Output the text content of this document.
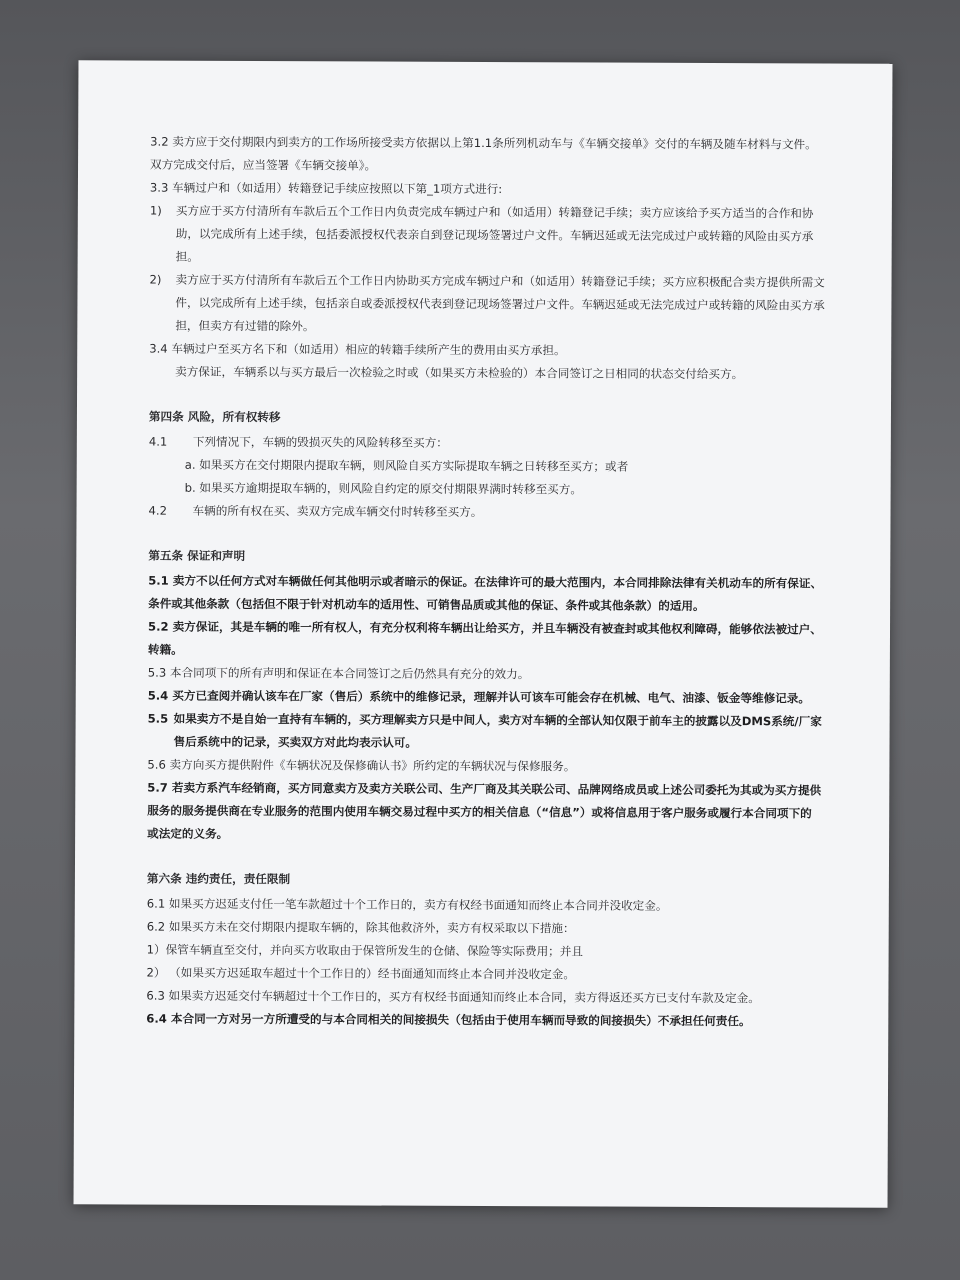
3.2 卖方应于交付期限内到卖方的工作场所接受卖方依据以上第1.1条所列机动车与《车辆交接单》交付的车辆及随车材料与文件。双方完成交付后，应当签署《车辆交接单》。

3.3 车辆过户和（如适用）转籍登记手续应按照以下第_1项方式进行:

1)	买方应于买方付清所有车款后五个工作日内负责完成车辆过户和（如适用）转籍登记手续；卖方应该给予买方适当的合作和协助，以完成所有上述手续，包括委派授权代表亲自到登记现场签署过户文件。车辆迟延或无法完成过户或转籍的风险由买方承担。
2)	卖方应于买方付清所有车款后五个工作日内协助买方完成车辆过户和（如适用）转籍登记手续；买方应积极配合卖方提供所需文件，以完成所有上述手续，包括亲自或委派授权代表到登记现场签署过户文件。车辆迟延或无法完成过户或转籍的风险由买方承担，但卖方有过错的除外。

3.4 车辆过户至买方名下和（如适用）相应的转籍手续所产生的费用由买方承担。

卖方保证，车辆系以与买方最后一次检验之时或（如果买方未检验的）本合同签订之日相同的状态交付给买方。

第四条 风险，所有权转移

4.1	下列情况下，车辆的毁损灭失的风险转移至买方：

a. 如果买方在交付期限内提取车辆，则风险自买方实际提取车辆之日转移至买方；或者

b. 如果买方逾期提取车辆的，则风险自约定的原交付期限界满时转移至买方。

4.2	车辆的所有权在买、卖双方完成车辆交付时转移至买方。

第五条 保证和声明

5.1 卖方不以任何方式对车辆做任何其他明示或者暗示的保证。在法律许可的最大范围内，本合同排除法律有关机动车的所有保证、条件或其他条款（包括但不限于针对机动车的适用性、可销售品质或其他的保证、条件或其他条款）的适用。

5.2 卖方保证，其是车辆的唯一所有权人，有充分权利将车辆出让给买方，并且车辆没有被查封或其他权利障碍，能够依法被过户、转籍。

5.3 本合同项下的所有声明和保证在本合同签订之后仍然具有充分的效力。

5.4 买方已查阅并确认该车在厂家（售后）系统中的维修记录，理解并认可该车可能会存在机械、电气、油漆、钣金等维修记录。

5.5 如果卖方不是自始一直持有车辆的，买方理解卖方只是中间人，卖方对车辆的全部认知仅限于前车主的披露以及DMS系统/厂家售后系统中的记录，买卖双方对此均表示认可。

5.6 卖方向买方提供附件《车辆状况及保修确认书》所约定的车辆状况与保修服务。

5.7 若卖方系汽车经销商，买方同意卖方及卖方关联公司、生产厂商及其关联公司、品牌网络成员或上述公司委托为其或为买方提供服务的服务提供商在专业服务的范围内使用车辆交易过程中买方的相关信息（“信息”）或将信息用于客户服务或履行本合同项下的或法定的义务。

第六条 违约责任，责任限制

6.1 如果买方迟延支付任一笔车款超过十个工作日的，卖方有权经书面通知而终止本合同并没收定金。

6.2 如果买方未在交付期限内提取车辆的，除其他救济外，卖方有权采取以下措施：

1）保管车辆直至交付，并向买方收取由于保管所发生的仓储、保险等实际费用；并且

2） （如果买方迟延取车超过十个工作日的）经书面通知而终止本合同并没收定金。

6.3 如果卖方迟延交付车辆超过十个工作日的，买方有权经书面通知而终止本合同，卖方得返还买方已支付车款及定金。

6.4 本合同一方对另一方所遭受的与本合同相关的间接损失（包括由于使用车辆而导致的间接损失）不承担任何责任。
